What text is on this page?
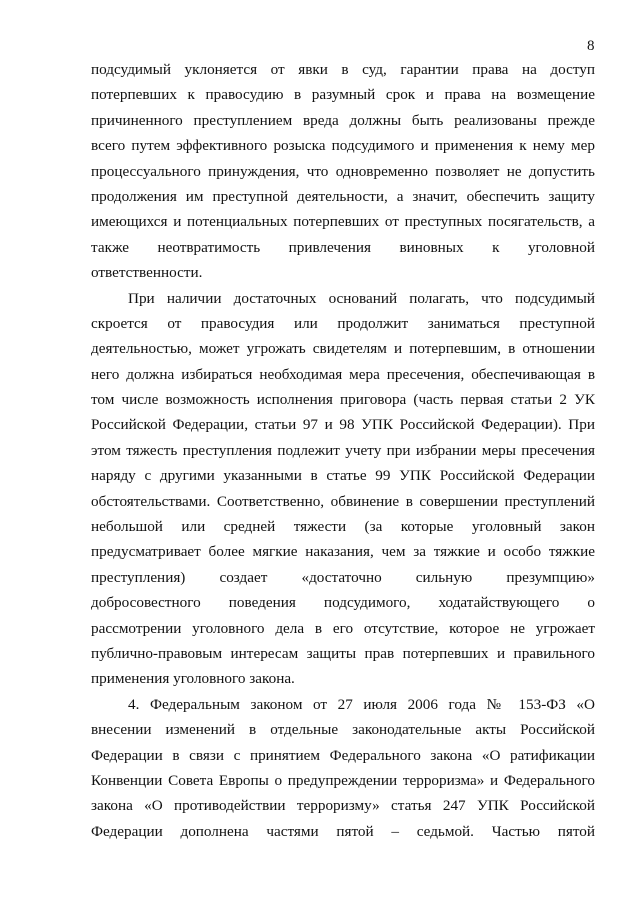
8
подсудимый уклоняется от явки в суд, гарантии права на доступ
потерпевших к правосудию в разумный срок и права на возмещение
причиненного преступлением вреда должны быть реализованы прежде
всего путем эффективного розыска подсудимого и применения к нему мер
процессуального принуждения, что одновременно позволяет не допустить
продолжения им преступной деятельности, а значит, обеспечить защиту
имеющихся и потенциальных потерпевших от преступных посягательств, а
также неотвратимость привлечения виновных к уголовной
ответственности.
При наличии достаточных оснований полагать, что подсудимый
скроется от правосудия или продолжит заниматься преступной
деятельностью, может угрожать свидетелям и потерпевшим, в отношении
него должна избираться необходимая мера пресечения, обеспечивающая в
том числе возможность исполнения приговора (часть первая статьи 2 УК
Российской Федерации, статьи 97 и 98 УПК Российской Федерации). При
этом тяжесть преступления подлежит учету при избрании меры пресечения
наряду с другими указанными в статье 99 УПК Российской Федерации
обстоятельствами. Соответственно, обвинение в совершении преступлений
небольшой или средней тяжести (за которые уголовный закон
предусматривает более мягкие наказания, чем за тяжкие и особо тяжкие
преступления) создает «достаточно сильную презумпцию»
добросовестного поведения подсудимого, ходатайствующего о
рассмотрении уголовного дела в его отсутствие, которое не угрожает
публично-правовым интересам защиты прав потерпевших и правильного
применения уголовного закона.
4. Федеральным законом от 27 июля 2006 года № 153-ФЗ «О
внесении изменений в отдельные законодательные акты Российской
Федерации в связи с принятием Федерального закона «О ратификации
Конвенции Совета Европы о предупреждении терроризма» и Федерального
закона «О противодействии терроризму» статья 247 УПК Российской
Федерации дополнена частями пятой – седьмой. Частью пятой
